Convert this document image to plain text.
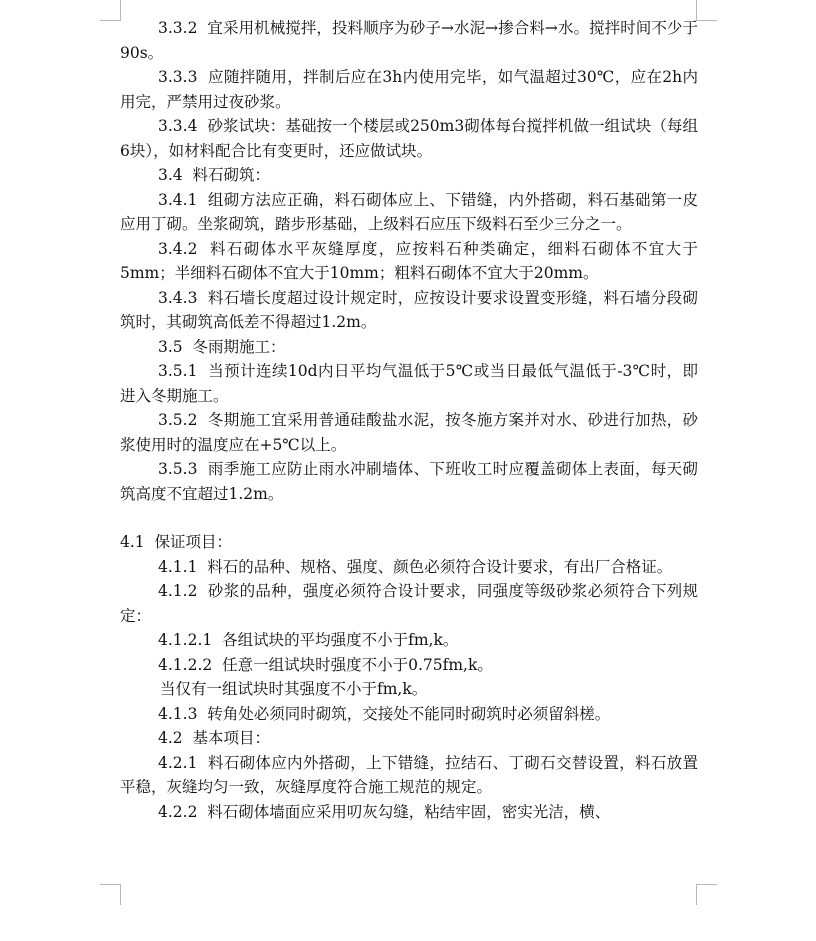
3.3.2  宜采用机械搅拌，投料顺序为砂子→水泥→掺合料→水。搅拌时间不少于90s。

3.3.3  应随拌随用，拌制后应在3h内使用完毕，如气温超过30℃，应在2h内用完，严禁用过夜砂浆。

3.3.4  砂浆试块：基础按一个楼层或250m3砌体每台搅拌机做一组试块（每组6块），如材料配合比有变更时，还应做试块。

3.4  料石砌筑：

3.4.1  组砌方法应正确，料石砌体应上、下错缝，内外搭砌，料石基础第一皮应用丁砌。坐浆砌筑，踏步形基础，上级料石应压下级料石至少三分之一。

3.4.2  料石砌体水平灰缝厚度，应按料石种类确定，细料石砌体不宜大于5mm；半细料石砌体不宜大于10mm；粗料石砌体不宜大于20mm。

3.4.3  料石墙长度超过设计规定时，应按设计要求设置变形缝，料石墙分段砌筑时，其砌筑高低差不得超过1.2m。

3.5  冬雨期施工：

3.5.1  当预计连续10d内日平均气温低于5℃或当日最低气温低于-3℃时，即进入冬期施工。

3.5.2  冬期施工宜采用普通硅酸盐水泥，按冬施方案并对水、砂进行加热，砂浆使用时的温度应在+5℃以上。

3.5.3  雨季施工应防止雨水冲刷墙体、下班收工时应覆盖砌体上表面，每天砌筑高度不宜超过1.2m。

4.1  保证项目：

4.1.1  料石的品种、规格、强度、颜色必须符合设计要求，有出厂合格证。

4.1.2  砂浆的品种，强度必须符合设计要求，同强度等级砂浆必须符合下列规定：

4.1.2.1  各组试块的平均强度不小于fm,k。

4.1.2.2  任意一组试块时强度不小于0.75fm,k。

当仅有一组试块时其强度不小于fm,k。

4.1.3  转角处必须同时砌筑，交接处不能同时砌筑时必须留斜槎。

4.2  基本项目：

4.2.1  料石砌体应内外搭砌，上下错缝，拉结石、丁砌石交替设置，料石放置平稳，灰缝均匀一致，灰缝厚度符合施工规范的规定。

4.2.2  料石砌体墙面应采用叨灰勾缝，粘结牢固，密实光洁，横、
